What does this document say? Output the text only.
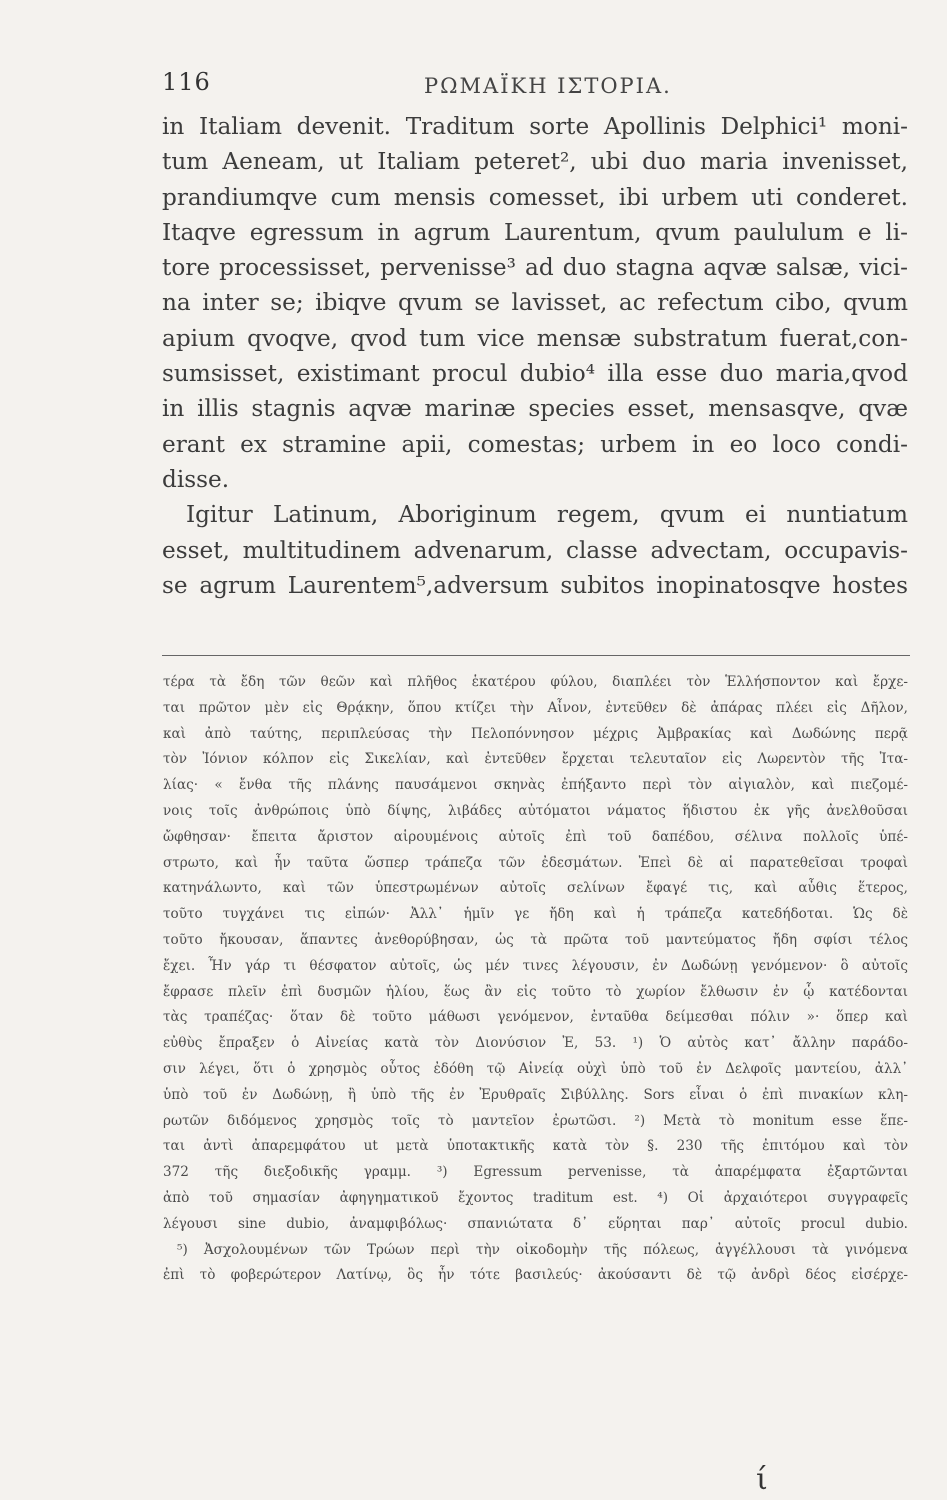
116	ΡΩΜΑΪΚΗ ΙΣΤΟΡΙΑ.
in Italiam devenit. Traditum sorte Apollinis Delphici¹ moni-
tum Aeneam, ut Italiam peteret², ubi duo maria invenisset,
prandiumqve cum mensis comesset, ibi urbem uti conderet.
Itaqve egressum in agrum Laurentum, qvum paululum e li-
tore processisset, pervenisse³ ad duo stagna aqvæ salsæ, vici-
na inter se; ibiqve qvum se lavisset, ac refectum cibo, qvum
apium qvoqve, qvod tum vice mensæ substratum fuerat,con-
sumsisset, existimant procul dubio⁴ illa esse duo maria,qvod
in illis stagnis aqvæ marinæ species esset, mensasqve, qvæ
erant ex stramine apii, comestas; urbem in eo loco condi-
disse.
Igitur Latinum, Aboriginum regem, qvum ei nuntiatum
esset, multitudinem advenarum, classe advectam, occupavis-
se agrum Laurentem⁵,adversum subitos inopinatosqve hostes
τέρα τὰ ἔδη τῶν θεῶν καὶ πλῆθος ἑκατέρου φύλου, διαπλέει τὸν Ἑλλήσποντον καὶ ἔρχε-
ται πρῶτον μὲν εἰς Θρᾴκην, ὅπου κτίζει τὴν Αἶνον, ἐντεῦθεν δὲ ἀπάρας πλέει εἰς Δῆλον,
καὶ ἀπὸ ταύτης, περιπλεύσας τὴν Πελοπόννησον μέχρις Ἀμβρακίας καὶ Δωδώνης περᾷ
τὸν Ἰόνιον κόλπον εἰς Σικελίαν, καὶ ἐντεῦθεν ἔρχεται τελευταῖον εἰς Λωρεντὸν τῆς Ἰτα-
λίας· « ἔνθα τῆς πλάνης παυσάμενοι σκηνὰς ἐπήξαντο περὶ τὸν αἰγιαλὸν, καὶ πιεζομέ-
νοις τοῖς ἀνθρώποις ὑπὸ δίψης, λιβάδες αὐτόματοι νάματος ἥδιστου ἐκ γῆς ἀνελθοῦσαι
ὤφθησαν· ἔπειτα ἄριστον αἱρουμένοις αὐτοῖς ἐπὶ τοῦ δαπέδου, σέλινα πολλοῖς ὑπέ-
στρωτο, καὶ ἦν ταῦτα ὥσπερ τράπεζα τῶν ἐδεσμάτων. Ἐπεὶ δὲ αἱ παρατεθεῖσαι τροφαὶ
κατηνάλωντο, καὶ τῶν ὑπεστρωμένων αὐτοῖς σελίνων ἔφαγέ τις, καὶ αὖθις ἕτερος,
τοῦτο τυγχάνει τις εἰπών· Ἀλλ᾽ ἡμῖν γε ἤδη καὶ ἡ τράπεζα κατεδήδοται. Ὡς δὲ
τοῦτο ἤκουσαν, ἅπαντες ἀνεθορύβησαν, ὡς τὰ πρῶτα τοῦ μαντεύματος ἤδη σφίσι τέλος
ἔχει. Ἦν γάρ τι θέσφατον αὐτοῖς, ὡς μέν τινες λέγουσιν, ἐν Δωδώνῃ γενόμενον· ὃ αὐτοῖς
ἔφρασε πλεῖν ἐπὶ δυσμῶν ἡλίου, ἕως ἂν εἰς τοῦτο τὸ χωρίον ἔλθωσιν ἐν ᾧ κατέδονται
τὰς τραπέζας· ὅταν δὲ τοῦτο μάθωσι γενόμενον, ἐνταῦθα δείμεσθαι πόλιν »· ὅπερ καὶ
εὐθὺς ἔπραξεν ὁ Αἰνείας κατὰ τὸν Διονύσιον Ἐ, 53. ¹) Ὁ αὐτὸς κατ᾽ ἄλλην παράδο-
σιν λέγει, ὅτι ὁ χρησμὸς οὗτος ἐδόθη τῷ Αἰνείᾳ οὐχὶ ὑπὸ τοῦ ἐν Δελφοῖς μαντείου, ἀλλ᾽
ὑπὸ τοῦ ἐν Δωδώνῃ, ἢ ὑπὸ τῆς ἐν Ἐρυθραῖς Σιβύλλης. Sors εἶναι ὁ ἐπὶ πινακίων κλη-
ρωτῶν διδόμενος χρησμὸς τοῖς τὸ μαντεῖον ἐρωτῶσι. ²) Μετὰ τὸ monitum esse ἕπε-
ται ἀντὶ ἀπαρεμφάτου ut μετὰ ὑποτακτικῆς κατὰ τὸν §. 230 τῆς ἐπιτόμου καὶ τὸν
372 τῆς διεξοδικῆς γραμμ. ³) Egressum pervenisse, τὰ ἀπαρέμφατα ἐξαρτῶνται
ἀπὸ τοῦ σημασίαν ἀφηγηματικοῦ ἔχοντος traditum est. ⁴) Οἱ ἀρχαιότεροι συγγραφεῖς
λέγουσι sine dubio, ἀναμφιβόλως· σπανιώτατα δ᾽ εὕρηται παρ᾽ αὐτοῖς procul dubio.
⁵) Ἀσχολουμένων τῶν Τρώων περὶ τὴν οἰκοδομὴν τῆς πόλεως, ἀγγέλλουσι τὰ γινόμενα
ἐπὶ τὸ φοβερώτερον Λατίνῳ, ὃς ἦν τότε βασιλεύς· ἀκούσαντι δὲ τῷ ἀνδρὶ δέος εἰσέρχε-
ί
